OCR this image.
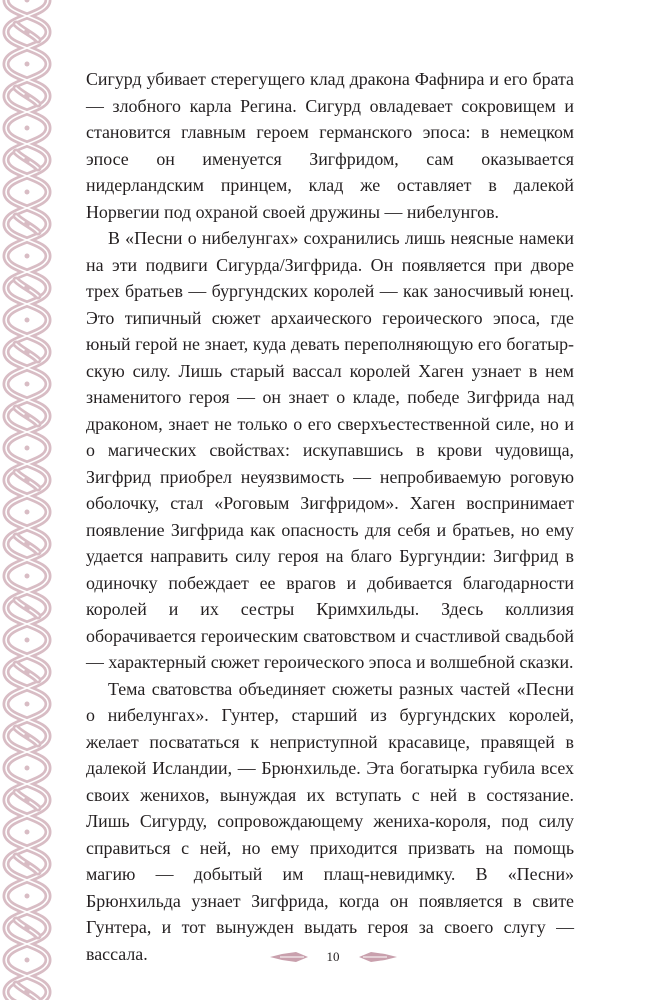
Сигурд убивает стерегущего клад дракона Фафнира и его брата — злобного карла Регина. Сигурд овладевает сокровищем и становится главным героем германского эпоса: в немецком эпосе он именуется Зигфридом, сам оказывается нидерландским принцем, клад же оставляет в далекой Норвегии под охраной своей дружины — нибелунгов.

В «Песни о нибелунгах» сохранились лишь неясные намеки на эти подвиги Сигурда/Зигфрида. Он появляется при дворе трех братьев — бургундских королей — как заносчивый юнец. Это типичный сюжет архаического героического эпоса, где юный герой не знает, куда девать переполняющую его богатырскую силу. Лишь старый вассал королей Хаген узнает в нем знаменитого героя — он знает о кладе, победе Зигфрида над драконом, знает не только о его сверхъестественной силе, но и о магических свойствах: искупавшись в крови чудовища, Зигфрид приобрел неуязвимость — непробиваемую роговую оболочку, стал «Роговым Зигфридом». Хаген воспринимает появление Зигфрида как опасность для себя и братьев, но ему удается направить силу героя на благо Бургундии: Зигфрид в одиночку побеждает ее врагов и добивается благодарности королей и их сестры Кримхильды. Здесь коллизия оборачивается героическим сватовством и счастливой свадьбой — характерный сюжет героического эпоса и волшебной сказки.

Тема сватовства объединяет сюжеты разных частей «Песни о нибелунгах». Гунтер, старший из бургундских королей, желает посвататься к неприступной красавице, правящей в далекой Исландии, — Брюнхильде. Эта богатырка губила всех своих женихов, вынуждая их вступать с ней в состязание. Лишь Сигурду, сопровождающему жениха-короля, под силу справиться с ней, но ему приходится призвать на помощь магию — добытый им плащ-невидимку. В «Песни» Брюнхильда узнает Зигфрида, когда он появляется в свите Гунтера, и тот вынужден выдать героя за своего слугу — вассала.	10
